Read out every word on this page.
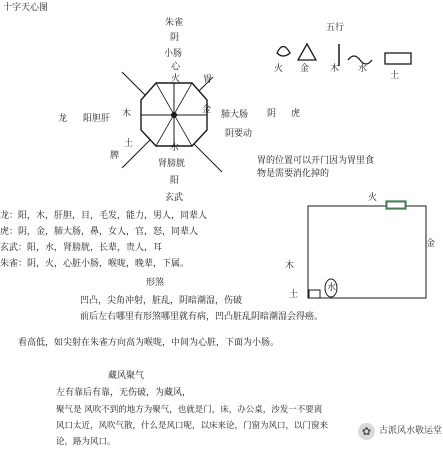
十字天心图
朱雀
阴
小肠
心
火	胃
金 肺大肠 阴 虎
阴要动
龙 阳胆肝 木
脾
土	水
肾膀胱
阳
玄武
五行
火 金 木 水
土
胃的位置可以开门因为胃里食
物是需要消化掉的
火
金
木
水
土
龙：阳，木，肝胆，目，毛发，能力，男人，同辈人
虎：阴，金，肺大肠，鼻，女人，官，怒，同辈人
玄武：阳，水，肾膀胱，长辈，贵人，耳
朱雀：阴，火，心脏小肠，喉咙，晚辈，下属。
形煞
凹凸，尖角冲射，脏乱，阴暗潮湿，伤破
前后左右哪里有形煞哪里就有病，凹凸脏乱阴暗潮湿会得癌。
看高低，如尖射在朱雀方向高为喉咙，中间为心脏，下面为小肠。
藏风聚气
左有靠后有靠，无伤破，为藏风，
聚气是 风吹不到的地方为聚气，也就是门，床，办公桌，沙发一不要离
风口太近，风吹气散，什么是风口呢，以床来论，门窗为风口，以门窗来
论，路为风口。
✿ 古派风水敬运堂
